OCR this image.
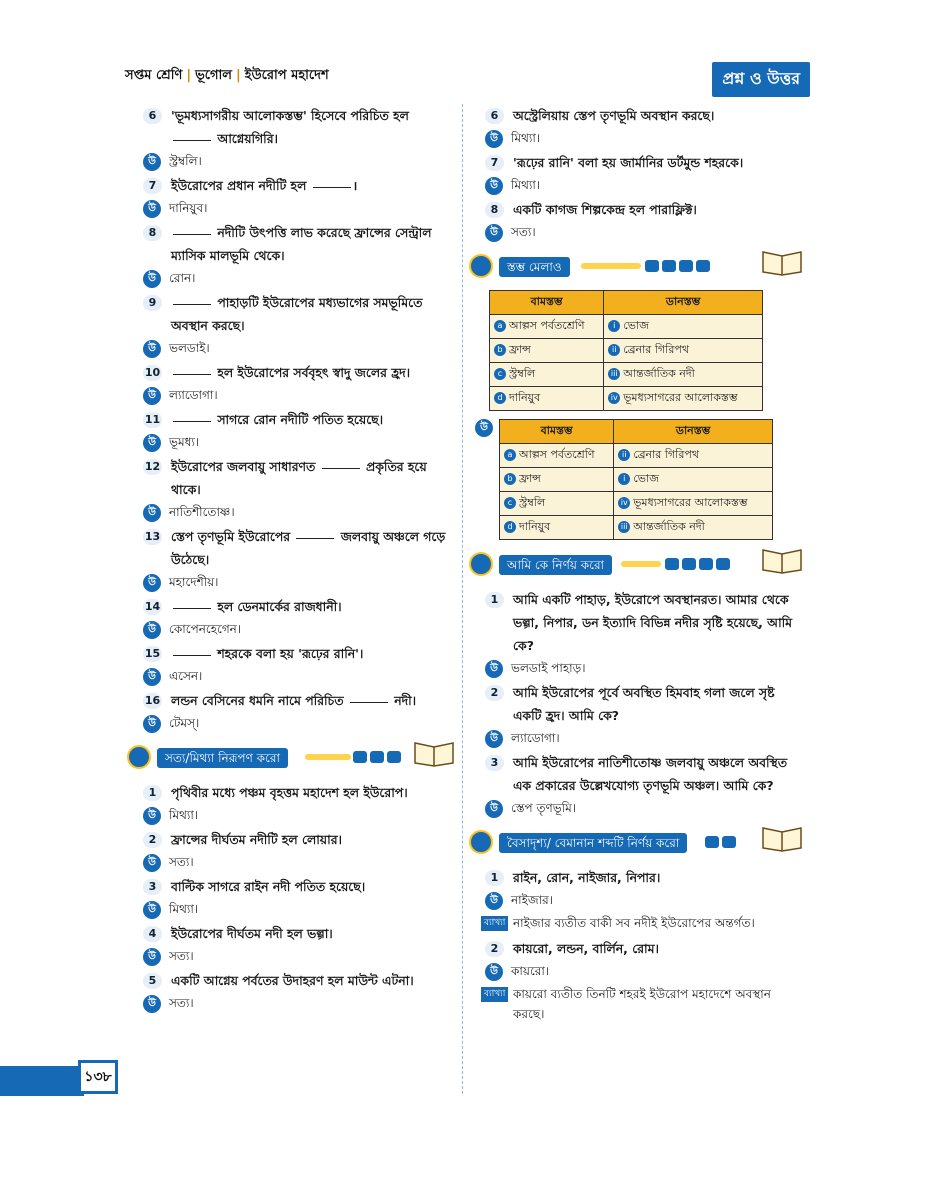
সপ্তম শ্রেণি | ভূগোল | ইউরোপ মহাদেশ	প্রশ্ন ও উত্তর

6	'ভূমধ্যসাগরীয় আলোকস্তম্ভ' হিসেবে পরিচিত হল
আগ্নেয়গিরি।

উ	স্ট্রম্বলি।

7	ইউরোপের প্রধান নদীটি হল	।

উ	দানিয়ুব।

8	নদীটি উৎপত্তি লাভ করেছে ফ্রান্সের সেন্ট্রাল ম্যাসিক মালভূমি থেকে।

উ	রোন।

9	পাহাড়টি ইউরোপের মধ্যভাগের সমভূমিতে অবস্থান করছে।

উ	ভলডাই।

10	হল ইউরোপের সর্ববৃহৎ স্বাদু জলের হ্রদ।

উ	ল্যাডোগা।

11	সাগরে রোন নদীটি পতিত হয়েছে।

উ	ভূমধ্য।

12 ইউরোপের জলবায়ু সাধারণত	প্রকৃতির হয়ে থাকে।

উ	নাতিশীতোষ্ণ।

13 স্তেপ তৃণভূমি ইউরোপের	জলবায়ু অঞ্চলে গড়ে উঠেছে।

উ	মহাদেশীয়।

14	হল ডেনমার্কের রাজধানী।

উ	কোপেনহেগেন।

15	শহরকে বলা হয় 'রূঢ়ের রানি'।

উ	এসেন।

16 লন্ডন বেসিনের ধমনি নামে পরিচিত	নদী।

উ	টেমস্।

সত্য/মিথ্যা নিরূপণ করো

1	পৃথিবীর মধ্যে পঞ্চম বৃহত্তম মহাদেশ হল ইউরোপ।

উ	মিথ্যা।

2	ফ্রান্সের দীর্ঘতম নদীটি হল লোয়ার।

উ	সত্য।

3	বাল্টিক সাগরে রাইন নদী পতিত হয়েছে।

উ	মিথ্যা।

4	ইউরোপের দীর্ঘতম নদী হল ভল্গা।

উ	সত্য।

5	একটি আগ্নেয় পর্বতের উদাহরণ হল মাউন্ট এটনা।

উ	সত্য।

6	অস্ট্রেলিয়ায় স্তেপ তৃণভূমি অবস্থান করছে।

উ	মিথ্যা।

7	'রূঢ়ের রানি' বলা হয় জার্মানির ডর্টমুন্ড শহরকে।

উ	মিথ্যা।

8	একটি কাগজ শিল্পকেন্দ্র হল পারাফ্লিক্ট।

উ	সত্য।

স্তম্ভ মেলাও
বামস্তম্ভ	ডানস্তম্ভ
a আল্পস পর্বতশ্রেণি	i ভোজ
b ফ্রান্স	ii ব্রেনার গিরিপথ
c স্ট্রম্বলি	iii আন্তর্জাতিক নদী
d দানিয়ুব	iv ভূমধ্যসাগরের আলোকস্তম্ভ
উ	বামস্তম্ভ	ডানস্তম্ভ
a আল্পস পর্বতশ্রেণি	ii ব্রেনার গিরিপথ
b ফ্রান্স	i ভোজ
c স্ট্রম্বলি	iv ভূমধ্যসাগরের আলোকস্তম্ভ
d দানিয়ুব	iii আন্তর্জাতিক নদী
আমি কে নির্ণয় করো

1	আমি একটি পাহাড়, ইউরোপে অবস্থানরত। আমার থেকে ভল্গা, নিপার, ডন ইত্যাদি বিভিন্ন নদীর সৃষ্টি হয়েছে, আমি কে?

উ	ভলডাই পাহাড়।

2	আমি ইউরোপের পূর্বে অবস্থিত হিমবাহ গলা জলে সৃষ্ট একটি হ্রদ। আমি কে?

উ	ল্যাডোগা।

3	আমি ইউরোপের নাতিশীতোষ্ণ জলবায়ু অঞ্চলে অবস্থিত এক প্রকারের উল্লেখযোগ্য তৃণভূমি অঞ্চল। আমি কে?

উ	স্তেপ তৃণভূমি।

বৈসাদৃশ্য/ বেমানান শব্দটি নির্ণয় করো

1	রাইন, রোন, নাইজার, নিপার।

উ	নাইজার।

ব্যাখ্যা নাইজার ব্যতীত বাকী সব নদীই ইউরোপের অন্তর্গত।

2	কায়রো, লন্ডন, বার্লিন, রোম।

উ	কায়রো।

ব্যাখ্যা কায়রো ব্যতীত তিনটি শহরই ইউরোপ মহাদেশে অবস্থান করছে।

১৩৮
